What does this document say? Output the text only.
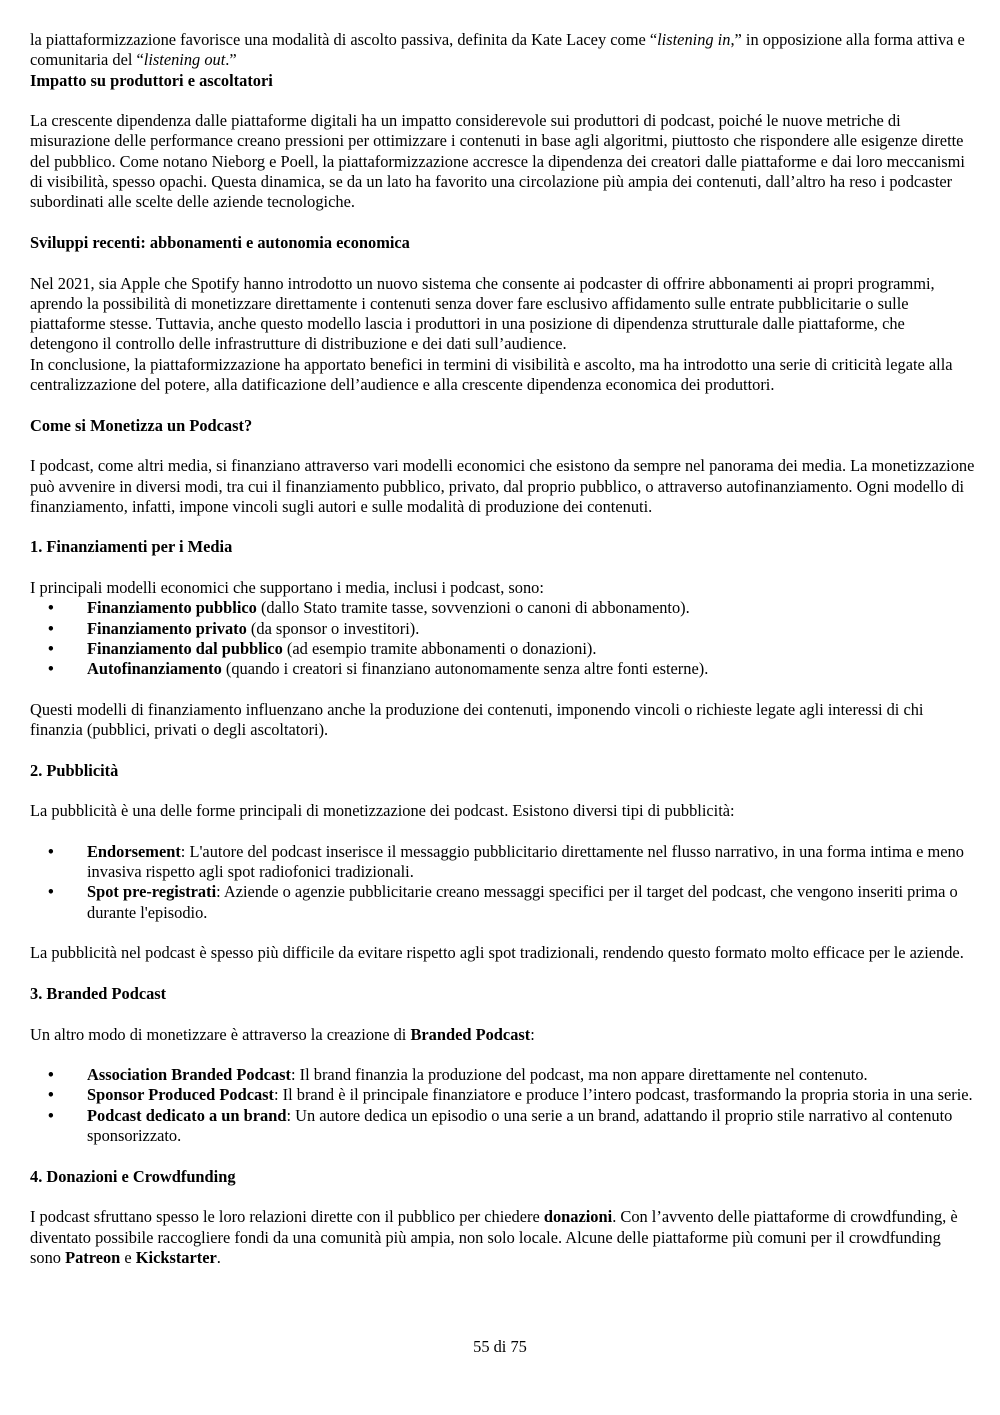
la piattaformizzazione favorisce una modalità di ascolto passiva, definita da Kate Lacey come “listening in,” in opposizione alla forma attiva e comunitaria del “listening out.”

Impatto su produttori e ascoltatori

La crescente dipendenza dalle piattaforme digitali ha un impatto considerevole sui produttori di podcast, poiché le nuove metriche di misurazione delle performance creano pressioni per ottimizzare i contenuti in base agli algoritmi, piuttosto che rispondere alle esigenze dirette del pubblico. Come notano Nieborg e Poell, la piattaformizzazione accresce la dipendenza dei creatori dalle piattaforme e dai loro meccanismi di visibilità, spesso opachi. Questa dinamica, se da un lato ha favorito una circolazione più ampia dei contenuti, dall’altro ha reso i podcaster subordinati alle scelte delle aziende tecnologiche.

Sviluppi recenti: abbonamenti e autonomia economica

Nel 2021, sia Apple che Spotify hanno introdotto un nuovo sistema che consente ai podcaster di offrire abbonamenti ai propri programmi, aprendo la possibilità di monetizzare direttamente i contenuti senza dover fare esclusivo affidamento sulle entrate pubblicitarie o sulle piattaforme stesse. Tuttavia, anche questo modello lascia i produttori in una posizione di dipendenza strutturale dalle piattaforme, che detengono il controllo delle infrastrutture di distribuzione e dei dati sull’audience.

In conclusione, la piattaformizzazione ha apportato benefici in termini di visibilità e ascolto, ma ha introdotto una serie di criticità legate alla centralizzazione del potere, alla datificazione dell’audience e alla crescente dipendenza economica dei produttori.

Come si Monetizza un Podcast?

I podcast, come altri media, si finanziano attraverso vari modelli economici che esistono da sempre nel panorama dei media. La monetizzazione può avvenire in diversi modi, tra cui il finanziamento pubblico, privato, dal proprio pubblico, o attraverso autofinanziamento. Ogni modello di finanziamento, infatti, impone vincoli sugli autori e sulle modalità di produzione dei contenuti.

1. Finanziamenti per i Media

I principali modelli economici che supportano i media, inclusi i podcast, sono:

• Finanziamento pubblico (dallo Stato tramite tasse, sovvenzioni o canoni di abbonamento).
• Finanziamento privato (da sponsor o investitori).
• Finanziamento dal pubblico (ad esempio tramite abbonamenti o donazioni).
• Autofinanziamento (quando i creatori si finanziano autonomamente senza altre fonti esterne).

Questi modelli di finanziamento influenzano anche la produzione dei contenuti, imponendo vincoli o richieste legate agli interessi di chi finanzia (pubblici, privati o degli ascoltatori).

2. Pubblicità

La pubblicità è una delle forme principali di monetizzazione dei podcast. Esistono diversi tipi di pubblicità:

• Endorsement: L'autore del podcast inserisce il messaggio pubblicitario direttamente nel flusso narrativo, in una forma intima e meno invasiva rispetto agli spot radiofonici tradizionali.
• Spot pre-registrati: Aziende o agenzie pubblicitarie creano messaggi specifici per il target del podcast, che vengono inseriti prima o durante l'episodio.

La pubblicità nel podcast è spesso più difficile da evitare rispetto agli spot tradizionali, rendendo questo formato molto efficace per le aziende.

3. Branded Podcast

Un altro modo di monetizzare è attraverso la creazione di Branded Podcast:

• Association Branded Podcast: Il brand finanzia la produzione del podcast, ma non appare direttamente nel contenuto.
• Sponsor Produced Podcast: Il brand è il principale finanziatore e produce l’intero podcast, trasformando la propria storia in una serie.
• Podcast dedicato a un brand: Un autore dedica un episodio o una serie a un brand, adattando il proprio stile narrativo al contenuto sponsorizzato.

4. Donazioni e Crowdfunding

I podcast sfruttano spesso le loro relazioni dirette con il pubblico per chiedere donazioni. Con l’avvento delle piattaforme di crowdfunding, è diventato possibile raccogliere fondi da una comunità più ampia, non solo locale. Alcune delle piattaforme più comuni per il crowdfunding sono Patreon e Kickstarter.

55 di 75
